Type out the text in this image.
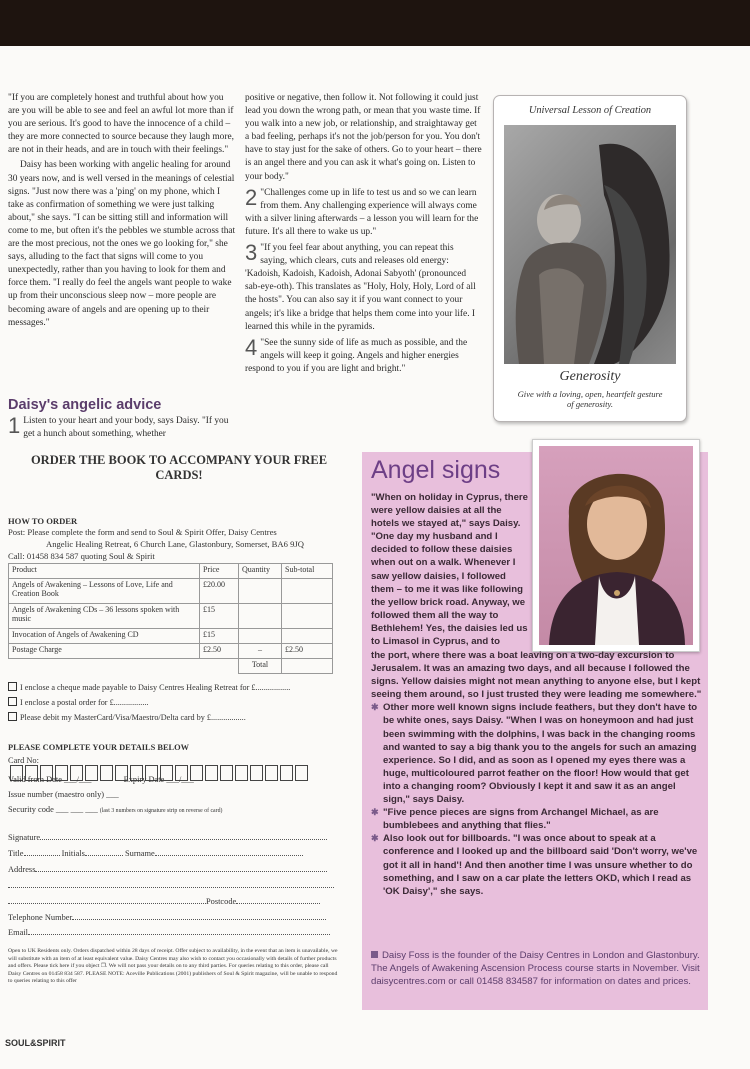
"If you are completely honest and truthful about how you are you will be able to see and feel an awful lot more than if you are serious. It's good to have the innocence of a child – they are more connected to source because they laugh more, are not in their heads, and are in touch with their feelings."

Daisy has been working with angelic healing for around 30 years now, and is well versed in the meanings of celestial signs. "Just now there was a 'ping' on my phone, which I take as confirmation of something we were just talking about," she says. "I can be sitting still and information will come to me, but often it's the pebbles we stumble across that are the most precious, not the ones we go looking for," she says, alluding to the fact that signs will come to you unexpectedly, rather than you having to look for them and force them. "I really do feel the angels want people to wake up from their unconscious sleep now – more people are becoming aware of angels and are opening up to their messages."

Daisy's angelic advice
1 Listen to your heart and your body, says Daisy. "If you get a hunch about something, whether

positive or negative, then follow it. Not following it could just lead you down the wrong path, or mean that you waste time. If you walk into a new job, or relationship, and straightaway get a bad feeling, perhaps it's not the job/person for you. You don't have to stay just for the sake of others. Go to your heart – there is an angel there and you can ask it what's going on. Listen to your body."

2 "Challenges come up in life to test us and so we can learn from them. Any challenging experience will always come with a silver lining afterwards – a lesson you will learn for the future. It's all there to wake us up."

3 "If you feel fear about anything, you can repeat this saying, which clears, cuts and releases old energy: 'Kadoish, Kadoish, Kadoish, Adonai Sabyoth' (pronounced sab-eye-oth). This translates as "Holy, Holy, Holy, Lord of all the hosts". You can also say it if you want connect to your angels; it's like a bridge that helps them come into your life. I learned this while in the pyramids.

4 "See the sunny side of life as much as possible, and the angels will keep it going. Angels and higher energies respond to you if you are light and bright."

Universal Lesson of Creation
Generosity
Give with a loving, open, heartfelt gesture of generosity.
ORDER THE BOOK TO ACCOMPANY YOUR FREE CARDS!
HOW TO ORDER
Post: Please complete the form and send to Soul & Spirit Offer, Daisy Centres
Angelic Healing Retreat, 6 Church Lane, Glastonbury, Somerset, BA6 9JQ
Call: 01458 834 587 quoting Soul & Spirit
Product	Price	Quantity	Sub-total
Angels of Awakening – Lessons of Love, Life and Creation Book	£20.00		
Angels of Awakening CDs – 36 lessons spoken with music	£15		
Invocation of Angels of Awakening CD	£15		
Postage Charge	£2.50	–	£2.50
		Total	
I enclose a cheque made payable to Daisy Centres Healing Retreat for £.................
I enclose a postal order for £.................
Please debit my MasterCard/Visa/Maestro/Delta card by £.................
PLEASE COMPLETE YOUR DETAILS BELOW
Card No:
Valid from Date ___/___	Expiry Date ___/___
Issue number (maestro only) ___
Security code ___ ___ ___ (last 3 numbers on signature strip on reverse of card)
Signature
Title	Initials	Surname
Address
Postcode
Telephone Number
Email
Open to UK Residents only. Orders dispatched within 28 days of receipt. Offer subject to availability, in the event that an item is unavailable, we will substitute with an item of at least equivalent value. Daisy Centres may also wish to contact you occasionally with details of further products and offers. Please tick here if you object ❐. We will not pass your details on to any third parties. For queries relating to this order, please call Daisy Centres on 01458 834 587. PLEASE NOTE: Aceville Publications (2001) publishers of Soul & Spirit magazine, will be unable to respond to queries relating to this offer
Angel signs
"When on holiday in Cyprus, there were yellow daisies at all the hotels we stayed at," says Daisy. "One day my husband and I decided to follow these daisies when out on a walk. Whenever I saw yellow daisies, I followed them – to me it was like following the yellow brick road. Anyway, we followed them all the way to Bethlehem! Yes, the daisies led us to Limasol in Cyprus, and to
the port, where there was a boat leaving on a two-day excursion to Jerusalem. It was an amazing two days, and all because I followed the signs. Yellow daisies might not mean anything to anyone else, but I kept seeing them around, so I just trusted they were leading me somewhere."
✱ Other more well known signs include feathers, but they don't have to be white ones, says Daisy. "When I was on honeymoon and had just been swimming with the dolphins, I was back in the changing rooms and wanted to say a big thank you to the angels for such an amazing experience. So I did, and as soon as I opened my eyes there was a huge, multicoloured parrot feather on the floor! How would that get into a changing room? Obviously I kept it and saw it as an angel sign," says Daisy.
✱ "Five pence pieces are signs from Archangel Michael, as are bumblebees and anything that flies."
✱ Also look out for billboards. "I was once about to speak at a conference and I looked up and the billboard said 'Don't worry, we've got it all in hand'! And then another time I was unsure whether to do something, and I saw on a car plate the letters OKD, which I read as 'OK Daisy'," she says.
Daisy Foss is the founder of the Daisy Centres in London and Glastonbury. The Angels of Awakening Ascension Process course starts in November. Visit daisycentres.com or call 01458 834587 for information on dates and prices.
SOUL&SPIRIT
